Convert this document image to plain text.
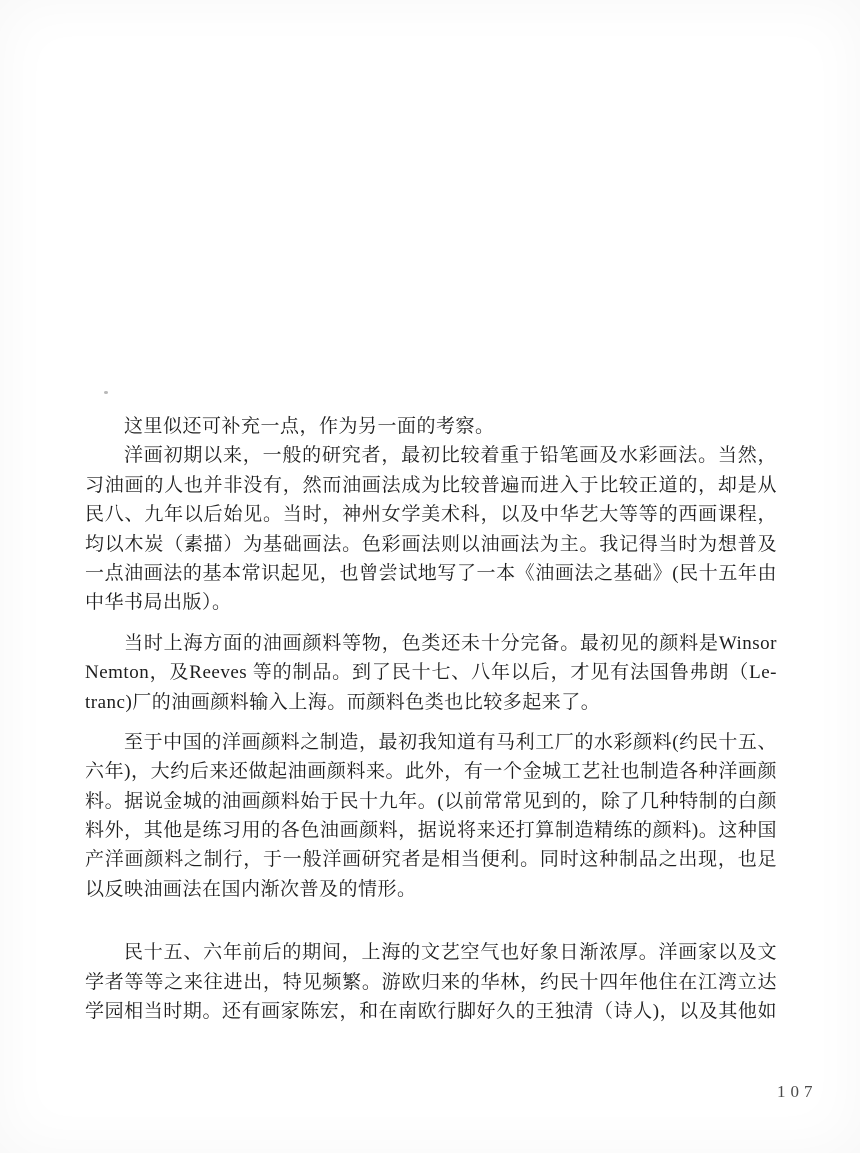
这里似还可补充一点，作为另一面的考察。
洋画初期以来，一般的研究者，最初比较着重于铅笔画及水彩画法。当然，
习油画的人也并非没有，然而油画法成为比较普遍而进入于比较正道的，却是从
民八、九年以后始见。当时，神州女学美术科，以及中华艺大等等的西画课程，
均以木炭（素描）为基础画法。色彩画法则以油画法为主。我记得当时为想普及
一点油画法的基本常识起见，也曾尝试地写了一本《油画法之基础》(民十五年由
中华书局出版）。
当时上海方面的油画颜料等物，色类还未十分完备。最初见的颜料是Winsor
Nemton，及Reeves 等的制品。到了民十七、八年以后，才见有法国鲁弗朗（Le-
tranc)厂的油画颜料输入上海。而颜料色类也比较多起来了。
至于中国的洋画颜料之制造，最初我知道有马利工厂的水彩颜料(约民十五、
六年)，大约后来还做起油画颜料来。此外，有一个金城工艺社也制造各种洋画颜
料。据说金城的油画颜料始于民十九年。(以前常常见到的，除了几种特制的白颜
料外，其他是练习用的各色油画颜料，据说将来还打算制造精练的颜料)。这种国
产洋画颜料之制行，于一般洋画研究者是相当便利。同时这种制品之出现，也足
以反映油画法在国内渐次普及的情形。
民十五、六年前后的期间，上海的文艺空气也好象日渐浓厚。洋画家以及文
学者等等之来往进出，特见频繁。游欧归来的华林，约民十四年他住在江湾立达
学园相当时期。还有画家陈宏，和在南欧行脚好久的王独清（诗人)，以及其他如
107
